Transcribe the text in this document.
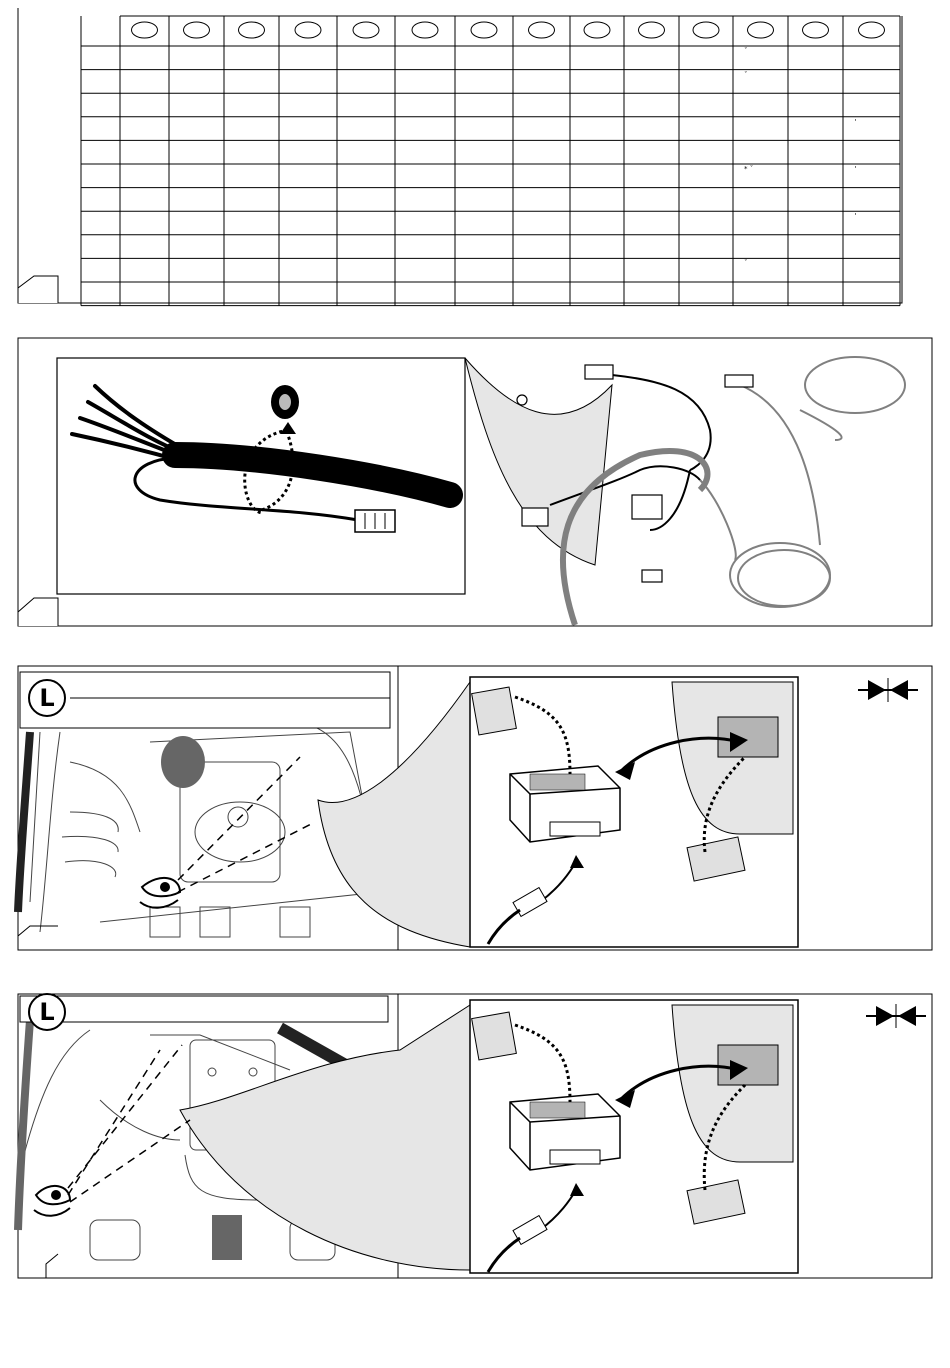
ˇ
ˇ
'
* ˇ	'
'
ˇ
L
L
